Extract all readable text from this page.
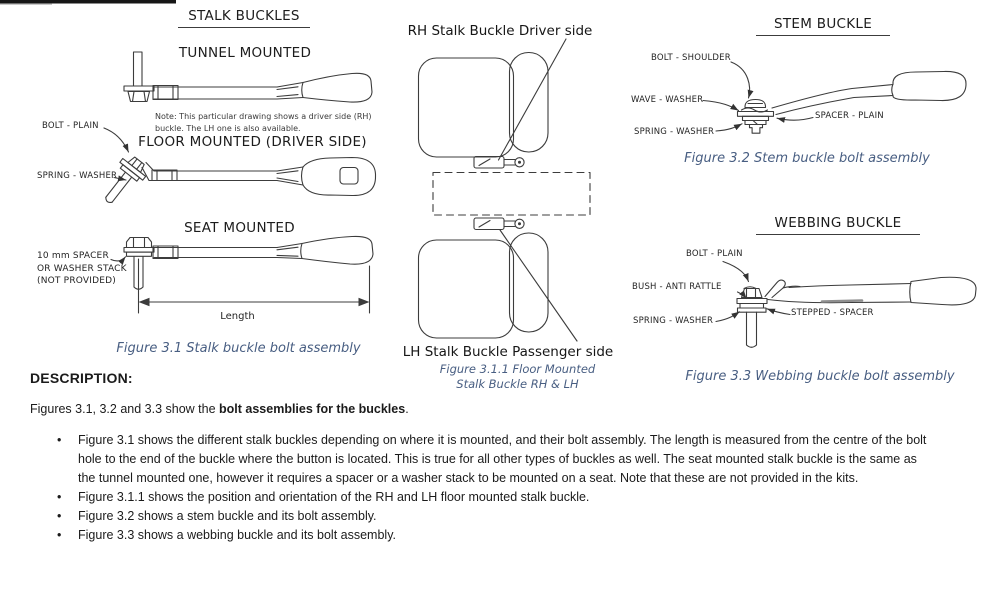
STALK BUCKLES
TUNNEL MOUNTED
Note: This particular drawing shows a driver side (RH)
buckle. The LH one is also available.
BOLT - PLAIN
FLOOR MOUNTED (DRIVER SIDE)
SPRING - WASHER
SEAT MOUNTED
10 mm SPACER
OR WASHER STACK
(NOT PROVIDED)
Length
Figure 3.1 Stalk buckle bolt assembly
RH Stalk Buckle Driver side
LH Stalk Buckle Passenger side
Figure 3.1.1 Floor Mounted
Stalk Buckle RH & LH
STEM BUCKLE
BOLT - SHOULDER
WAVE - WASHER
SPRING - WASHER
SPACER - PLAIN
Figure 3.2 Stem buckle bolt assembly
WEBBING BUCKLE
BOLT - PLAIN
BUSH - ANTI RATTLE
SPRING - WASHER
STEPPED - SPACER
Figure 3.3 Webbing buckle bolt assembly
DESCRIPTION:
Figures 3.1, 3.2 and 3.3 show the bolt assemblies for the buckles.
•	Figure 3.1 shows the different stalk buckles depending on where it is mounted, and their bolt assembly. The length is measured from the centre of the bolt hole to the end of the buckle where the button is located. This is true for all other types of buckles as well. The seat mounted stalk buckle is the same as the tunnel mounted one, however it requires a spacer or a washer stack to be mounted on a seat. Note that these are not provided in the kits.
•	Figure 3.1.1 shows the position and orientation of the RH and LH floor mounted stalk buckle.
•	Figure 3.2 shows a stem buckle and its bolt assembly.
•	Figure 3.3 shows a webbing buckle and its bolt assembly.
